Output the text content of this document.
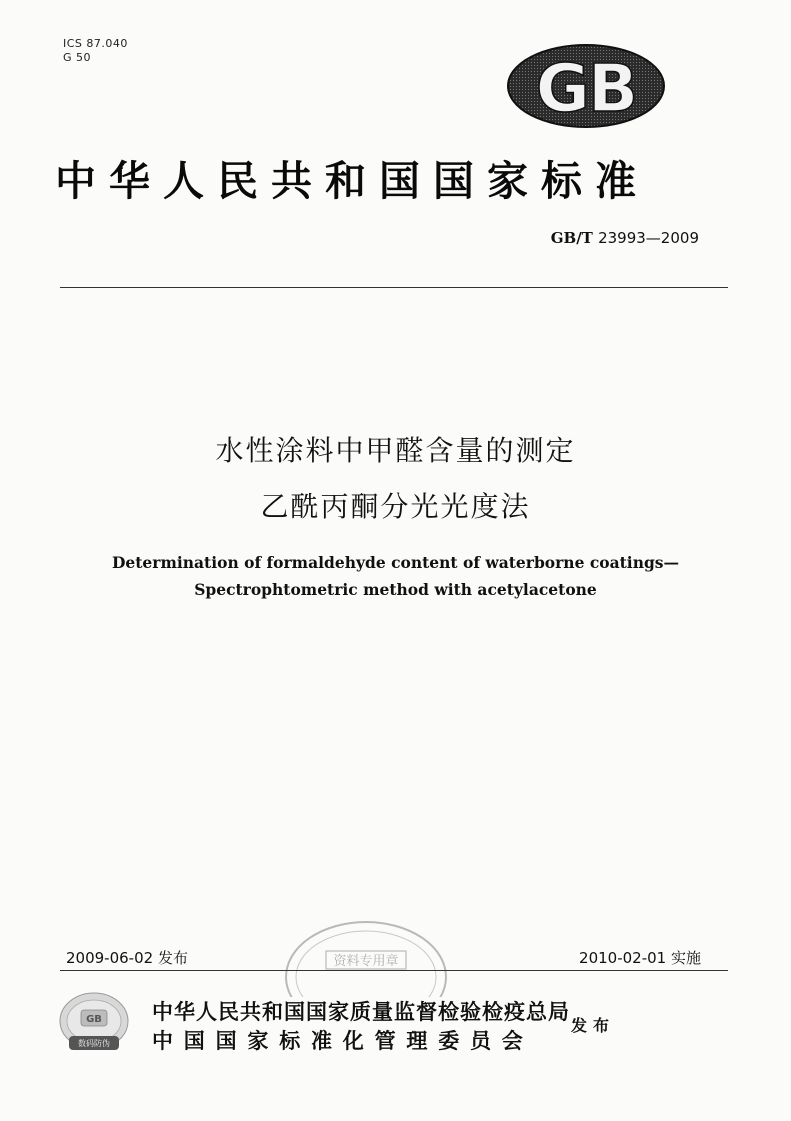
ICS 87.040
G 50	GB
中华人民共和国国家标准
GB/T 23993—2009
水性涂料中甲醛含量的测定
乙酰丙酮分光光度法
Determination of formaldehyde content of waterborne coatings—
Spectrophtometric method with acetylacetone
资料专用章
2009-06-02 发布	2010-02-01 实施
GB
数码防伪
中华人民共和国国家质量监督检验检疫总局
中国国家标准化管理委员会
发布
